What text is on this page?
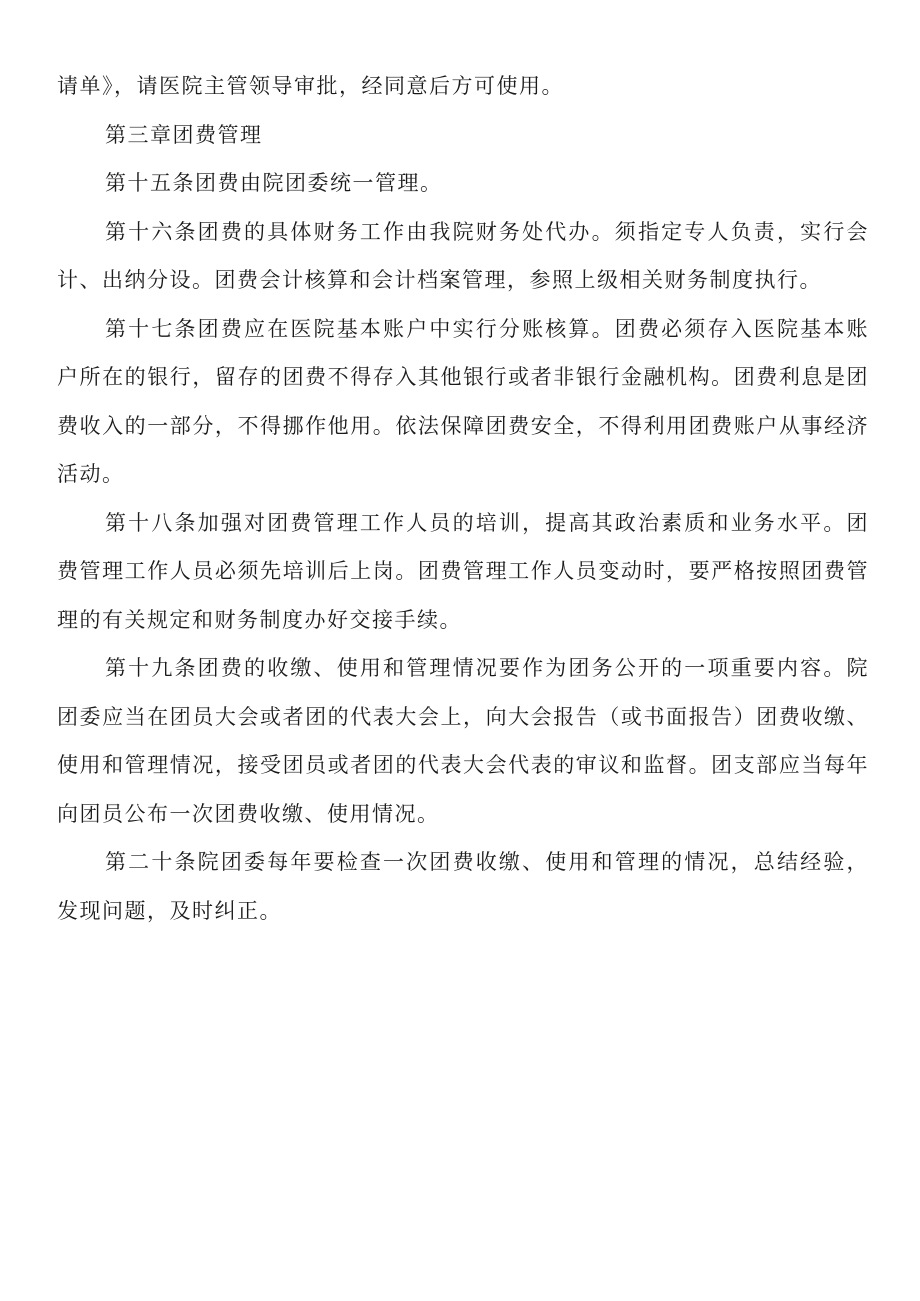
请单》，请医院主管领导审批，经同意后方可使用。

第三章团费管理

第十五条团费由院团委统一管理。

第十六条团费的具体财务工作由我院财务处代办。须指定专人负责，实行会计、出纳分设。团费会计核算和会计档案管理，参照上级相关财务制度执行。

第十七条团费应在医院基本账户中实行分账核算。团费必须存入医院基本账户所在的银行，留存的团费不得存入其他银行或者非银行金融机构。团费利息是团费收入的一部分，不得挪作他用。依法保障团费安全，不得利用团费账户从事经济活动。

第十八条加强对团费管理工作人员的培训，提高其政治素质和业务水平。团费管理工作人员必须先培训后上岗。团费管理工作人员变动时，要严格按照团费管理的有关规定和财务制度办好交接手续。

第十九条团费的收缴、使用和管理情况要作为团务公开的一项重要内容。院团委应当在团员大会或者团的代表大会上，向大会报告（或书面报告）团费收缴、使用和管理情况，接受团员或者团的代表大会代表的审议和监督。团支部应当每年向团员公布一次团费收缴、使用情况。

第二十条院团委每年要检查一次团费收缴、使用和管理的情况，总结经验，发现问题，及时纠正。
